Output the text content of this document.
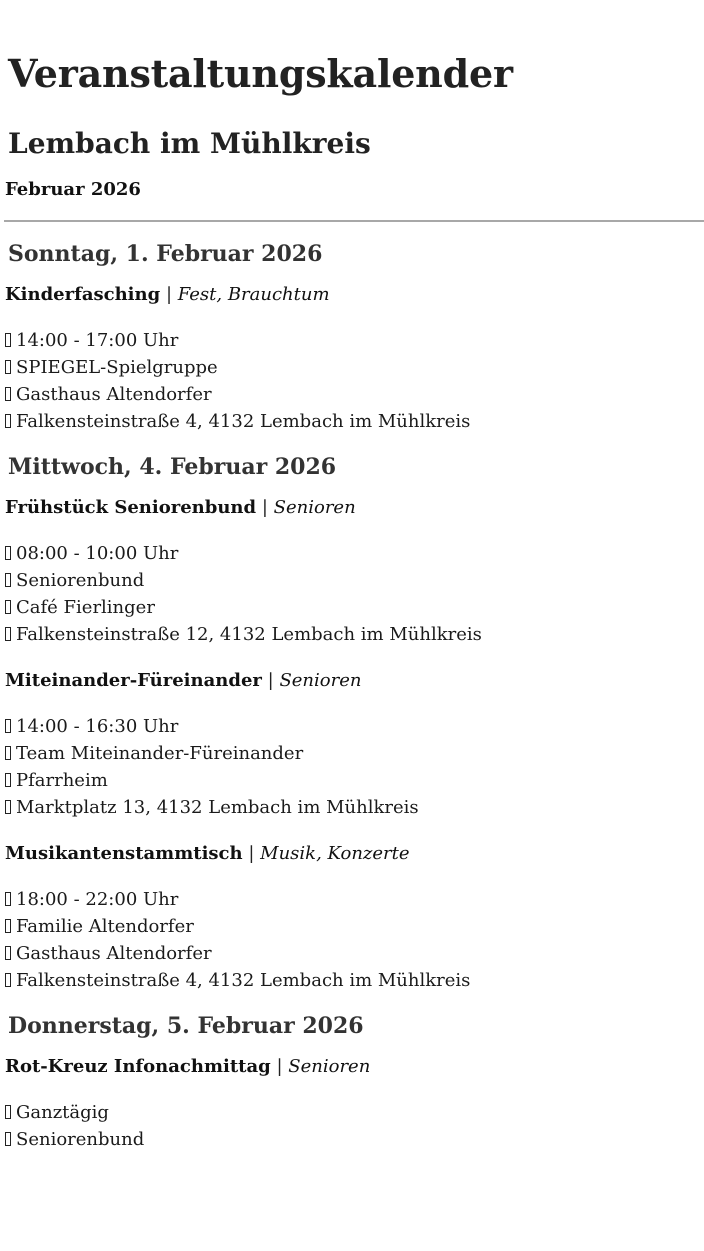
Veranstaltungskalender
Lembach im Mühlkreis
Februar 2026
Sonntag, 1. Februar 2026
Kinderfasching | Fest, Brauchtum
14:00 - 17:00 Uhr
SPIEGEL-Spielgruppe
Gasthaus Altendorfer
Falkensteinstraße 4, 4132 Lembach im Mühlkreis
Mittwoch, 4. Februar 2026
Frühstück Seniorenbund | Senioren
08:00 - 10:00 Uhr
Seniorenbund
Café Fierlinger
Falkensteinstraße 12, 4132 Lembach im Mühlkreis
Miteinander-Füreinander | Senioren
14:00 - 16:30 Uhr
Team Miteinander-Füreinander
Pfarrheim
Marktplatz 13, 4132 Lembach im Mühlkreis
Musikantenstammtisch | Musik, Konzerte
18:00 - 22:00 Uhr
Familie Altendorfer
Gasthaus Altendorfer
Falkensteinstraße 4, 4132 Lembach im Mühlkreis
Donnerstag, 5. Februar 2026
Rot-Kreuz Infonachmittag | Senioren
Ganztägig
Seniorenbund
